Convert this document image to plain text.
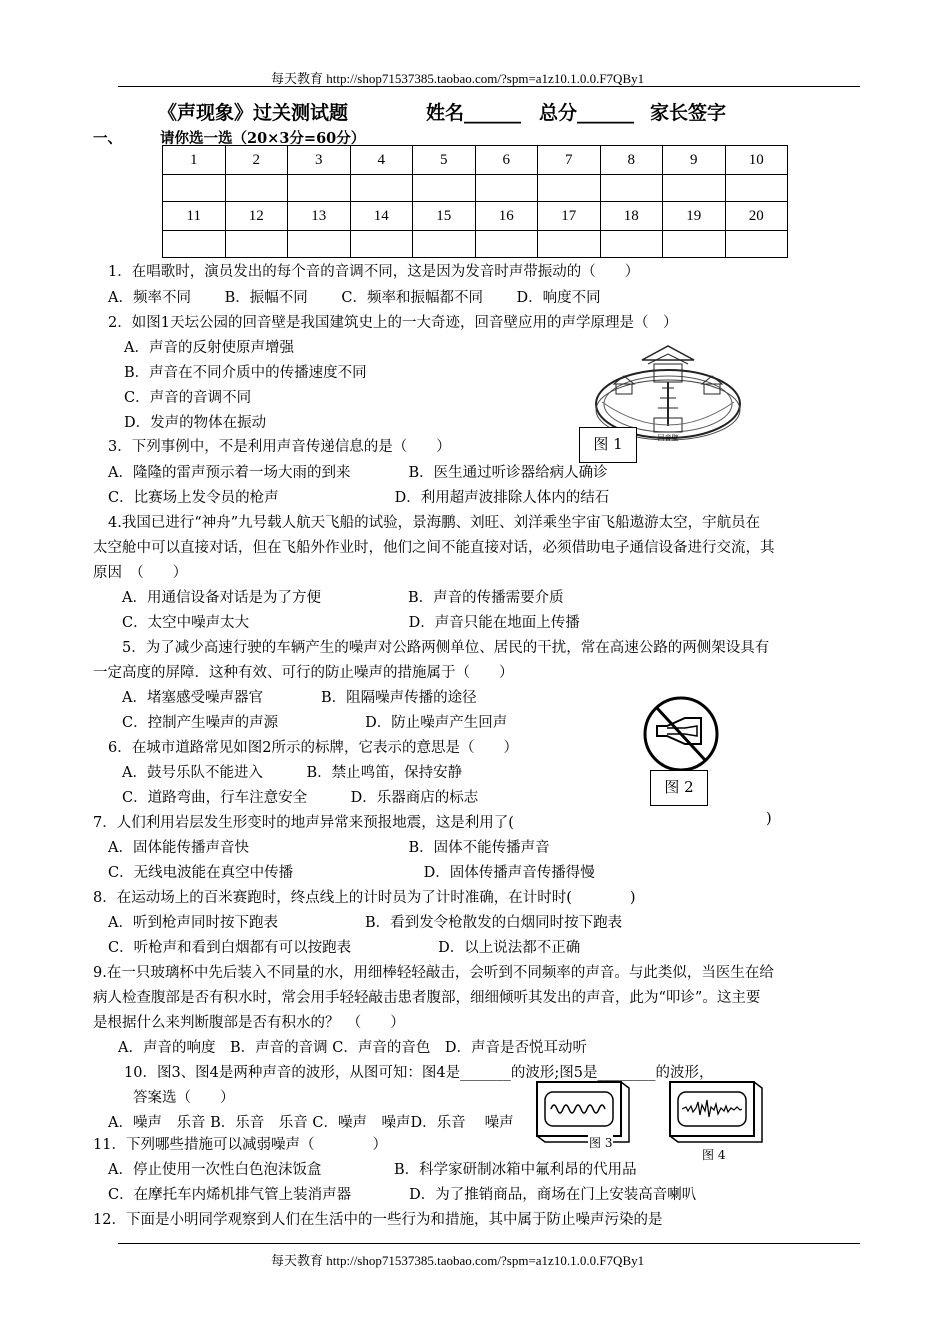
每天教育 http://shop71537385.taobao.com/?spm=a1z10.1.0.0.F7QBy1
《声现象》过关测试题	姓名______ 总分______ 家长签字
一、	请你选一选（20×3分=60分）
1	2	3	4	5	6	7	8	9	10

11	12	13	14	15	16	17	18	19	20

1．在唱歌时，演员发出的每个音的音调不同，这是因为发音时声带振动的（　　）
A．频率不同　　 B．振幅不同　　 C．频率和振幅都不同　　 D．响度不同
2．如图1天坛公园的回音壁是我国建筑史上的一大奇迹，回音壁应用的声学原理是（　）
A．声音的反射使原声增强
B．声音在不同介质中的传播速度不同
C．声音的音调不同
D．发声的物体在振动
回音壁
图 1
3．下列事例中，不是利用声音传递信息的是（　　）
A．隆隆的雷声预示着一场大雨的到来　　　　B．医生通过听诊器给病人确诊
C．比赛场上发令员的枪声　　　　　　　　D．利用超声波排除人体内的结石
4.我国已进行“神舟”九号载人航天飞船的试验，景海鹏、刘旺、刘洋乘坐宇宙飞船遨游太空，宇航员在
太空舱中可以直接对话，但在飞船外作业时，他们之间不能直接对话，必须借助电子通信设备进行交流，其
原因　（　　）
A．用通信设备对话是为了方便　　　　　　B．声音的传播需要介质
C．太空中噪声太大　　　　　　　　　　　D．声音只能在地面上传播
5．为了减少高速行驶的车辆产生的噪声对公路两侧单位、居民的干扰，常在高速公路的两侧架设具有
一定高度的屏障．这种有效、可行的防止噪声的措施属于（　　）
A．堵塞感受噪声器官　　　　B．阻隔噪声传播的途径
C．控制产生噪声的声源　　　　　　D．防止噪声产生回声
图 2
6．在城市道路常见如图2所示的标牌，它表示的意思是（　　）
A．鼓号乐队不能进入　　　B．禁止鸣笛，保持安静
C．道路弯曲，行车注意安全　　　D．乐器商店的标志
7．人们利用岩层发生形变时的地声异常来预报地震，这是利用了(	)
A．固体能传播声音快　　　　　　　　　　　B．固体不能传播声音
C．无线电波能在真空中传播　　　　　　　　　D．固体传播声音传播得慢
8．在运动场上的百米赛跑时，终点线上的计时员为了计时准确，在计时时(　　　　)
A．听到枪声同时按下跑表　　　　　　B．看到发令枪散发的白烟同时按下跑表
C．听枪声和看到白烟都有可以按跑表　　　　　　D．以上说法都不正确
9.在一只玻璃杯中先后装入不同量的水，用细棒轻轻敲击，会听到不同频率的声音。与此类似，当医生在给
病人检查腹部是否有积水时，常会用手轻轻敲击患者腹部，细细倾听其发出的声音，此为“叩诊”。这主要
是根据什么来判断腹部是否有积水的？　（　　）
A．声音的响度　B．声音的音调 C．声音的音色　D．声音是否悦耳动听
10．图3、图4是两种声音的波形，从图可知：图4是_______的波形;图5是________的波形，
答案选（　　）
A．噪声　乐音 B．乐音　乐音 C．噪声　噪声D．乐音　 噪声
图 3
图 4
11．下列哪些措施可以减弱噪声（　　　　）
A．停止使用一次性白色泡沫饭盒　　　　　B．科学家研制冰箱中氟利昂的代用品
C．在摩托车内烯机排气管上装消声器　　　　D．为了推销商品，商场在门上安装高音喇叭
12．下面是小明同学观察到人们在生活中的一些行为和措施，其中属于防止噪声污染的是
每天教育 http://shop71537385.taobao.com/?spm=a1z10.1.0.0.F7QBy1
